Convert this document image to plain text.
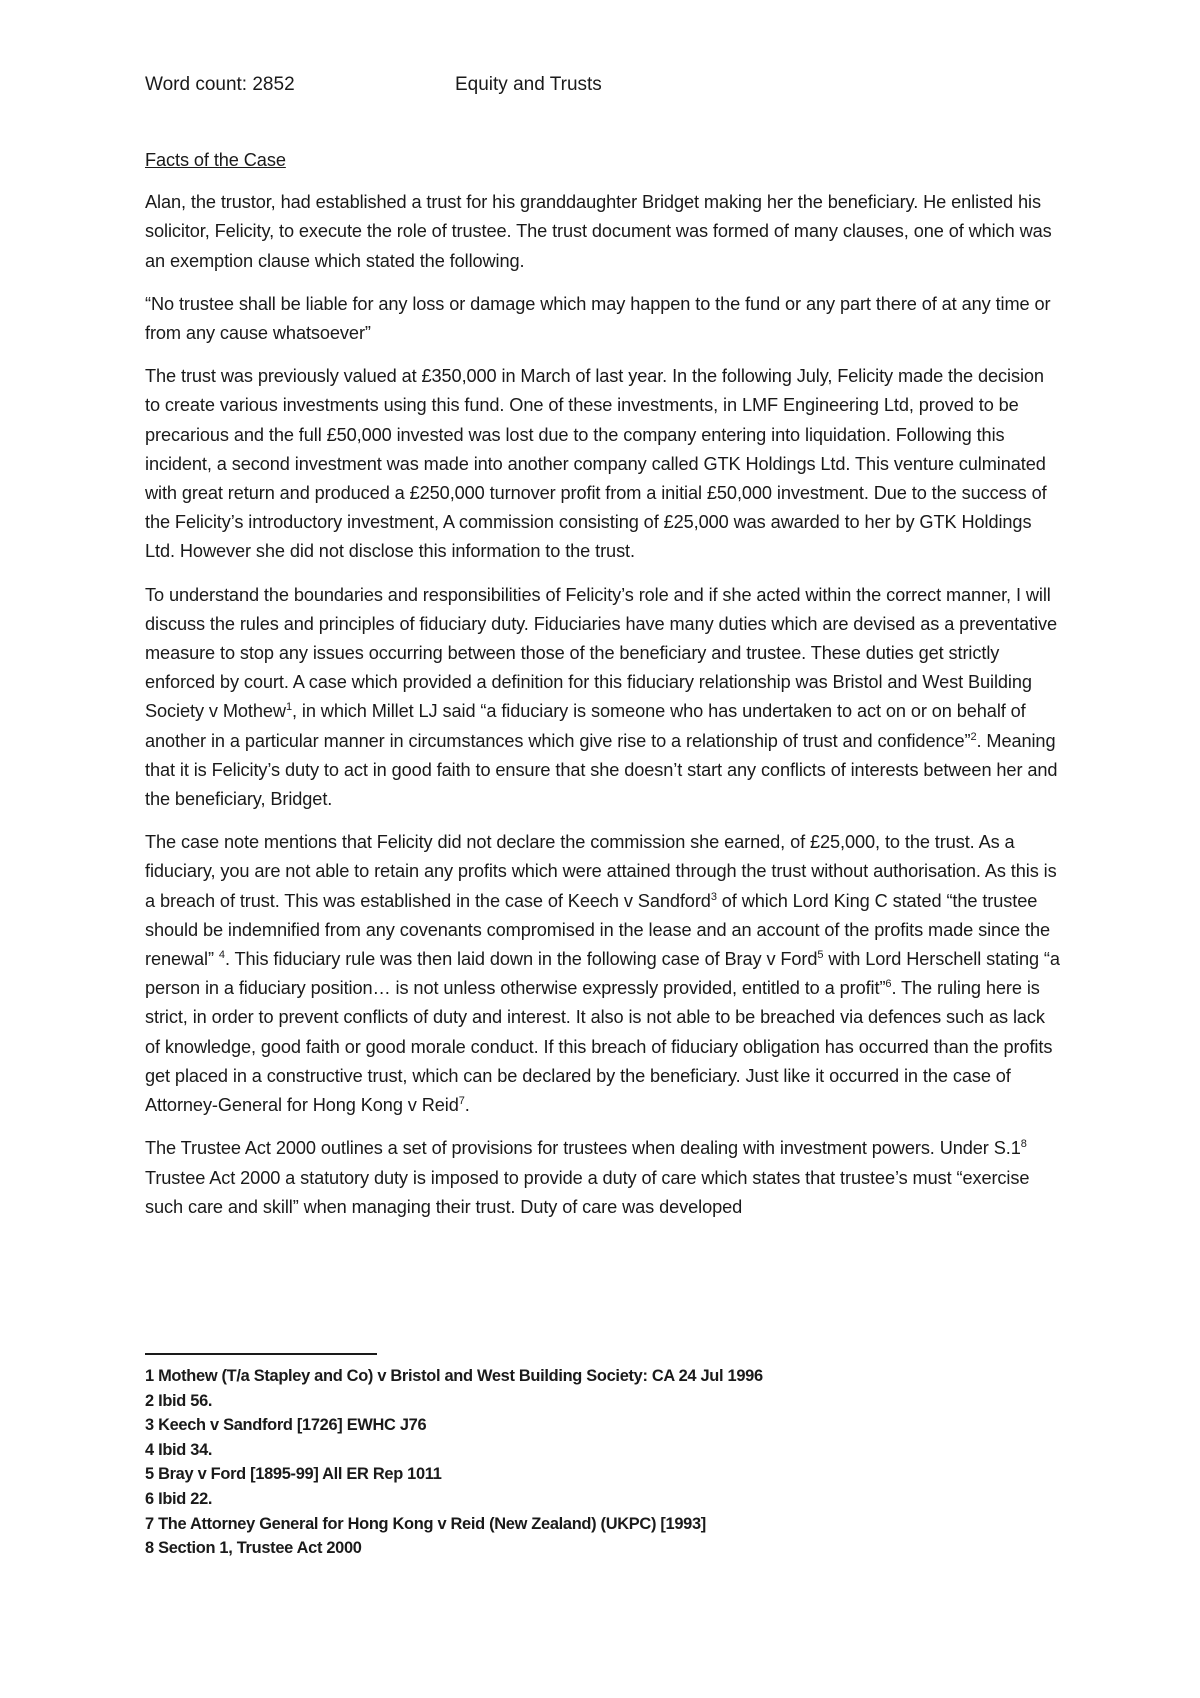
Word count: 2852	Equity and Trusts
Facts of the Case
Alan, the trustor, had established a trust for his granddaughter Bridget making her the beneficiary. He enlisted his solicitor, Felicity, to execute the role of trustee. The trust document was formed of many clauses, one of which was an exemption clause which stated the following.
“No trustee shall be liable for any loss or damage which may happen to the fund or any part there of at any time or from any cause whatsoever”
The trust was previously valued at £350,000 in March of last year. In the following July, Felicity made the decision to create various investments using this fund. One of these investments, in LMF Engineering Ltd, proved to be precarious and the full £50,000 invested was lost due to the company entering into liquidation. Following this incident, a second investment was made into another company called GTK Holdings Ltd. This venture culminated with great return and produced a £250,000 turnover profit from a initial £50,000 investment. Due to the success of the Felicity’s introductory investment, A commission consisting of £25,000 was awarded to her by GTK Holdings Ltd. However she did not disclose this information to the trust.
To understand the boundaries and responsibilities of Felicity’s role and if she acted within the correct manner, I will discuss the rules and principles of fiduciary duty. Fiduciaries have many duties which are devised as a preventative measure to stop any issues occurring between those of the beneficiary and trustee. These duties get strictly enforced by court. A case which provided a definition for this fiduciary relationship was Bristol and West Building Society v Mothew$^1$, in which Millet LJ said “a fiduciary is someone who has undertaken to act on or on behalf of another in a particular manner in circumstances which give rise to a relationship of trust and confidence”$^2$. Meaning that it is Felicity’s duty to act in good faith to ensure that she doesn’t start any conflicts of interests between her and the beneficiary, Bridget.
The case note mentions that Felicity did not declare the commission she earned, of £25,000, to the trust. As a fiduciary, you are not able to retain any profits which were attained through the trust without authorisation. As this is a breach of trust. This was established in the case of Keech v Sandford$^3$ of which Lord King C stated “the trustee should be indemnified from any covenants compromised in the lease and an account of the profits made since the renewal” $^4$. This fiduciary rule was then laid down in the following case of Bray v Ford$^5$ with Lord Herschell stating “a person in a fiduciary position… is not unless otherwise expressly provided, entitled to a profit”$^6$. The ruling here is strict, in order to prevent conflicts of duty and interest. It also is not able to be breached via defences such as lack of knowledge, good faith or good morale conduct. If this breach of fiduciary obligation has occurred than the profits get placed in a constructive trust, which can be declared by the beneficiary. Just like it occurred in the case of Attorney-General for Hong Kong v Reid$^7$.
The Trustee Act 2000 outlines a set of provisions for trustees when dealing with investment powers. Under $S.1^8$ Trustee Act 2000 a statutory duty is imposed to provide a duty of care which states that trustee’s must “exercise such care and skill” when managing their trust. Duty of care was developed
1 Mothew (T/a Stapley and Co) v Bristol and West Building Society: CA 24 Jul 1996
2 Ibid 56.
3 Keech v Sandford [1726] EWHC J76
4 Ibid 34.
5 Bray v Ford [1895-99] All ER Rep 1011
6 Ibid 22.
7 The Attorney General for Hong Kong v Reid (New Zealand) (UKPC) [1993]
8 Section 1, Trustee Act 2000
